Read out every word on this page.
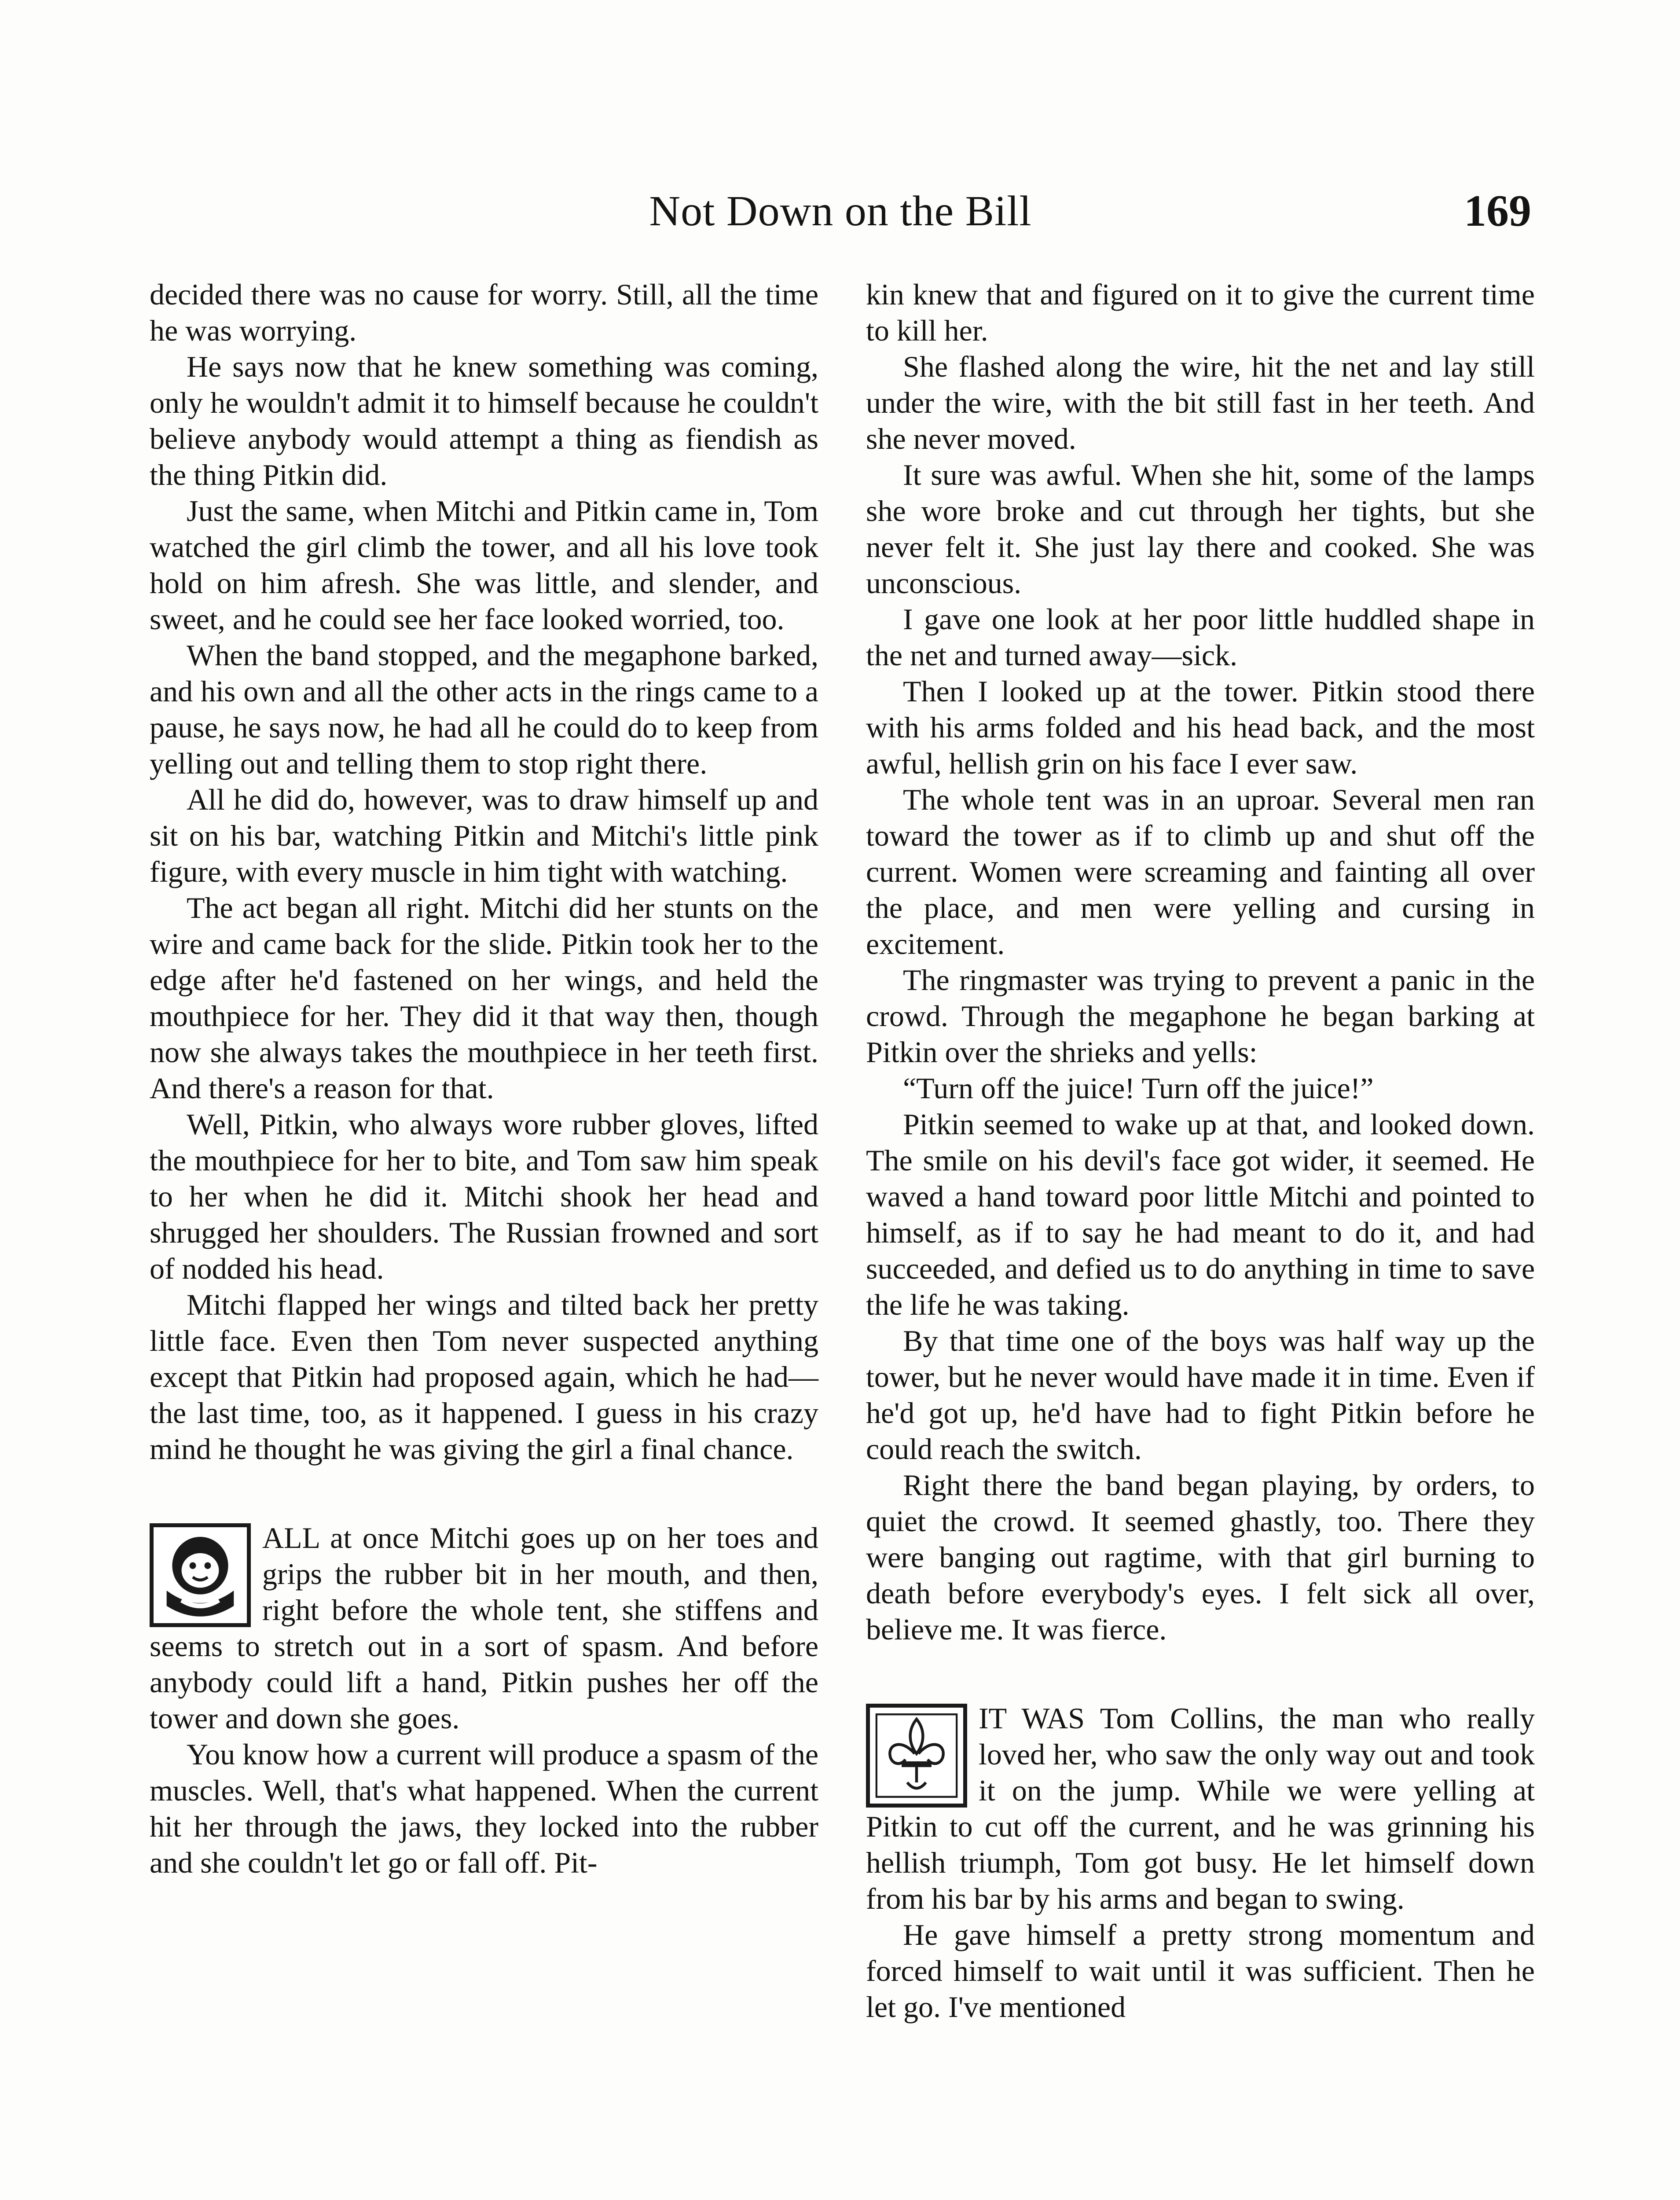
Not Down on the Bill	169

decided there was no cause for worry. Still, all the time he was worrying.

He says now that he knew something was coming, only he wouldn't admit it to himself because he couldn't believe anybody would attempt a thing as fiendish as the thing Pitkin did.

Just the same, when Mitchi and Pitkin came in, Tom watched the girl climb the tower, and all his love took hold on him afresh. She was little, and slender, and sweet, and he could see her face looked worried, too.

When the band stopped, and the megaphone barked, and his own and all the other acts in the rings came to a pause, he says now, he had all he could do to keep from yelling out and telling them to stop right there.

All he did do, however, was to draw himself up and sit on his bar, watching Pitkin and Mitchi's little pink figure, with every muscle in him tight with watching.

The act began all right. Mitchi did her stunts on the wire and came back for the slide. Pitkin took her to the edge after he'd fastened on her wings, and held the mouthpiece for her. They did it that way then, though now she always takes the mouthpiece in her teeth first. And there's a reason for that.

Well, Pitkin, who always wore rubber gloves, lifted the mouthpiece for her to bite, and Tom saw him speak to her when he did it. Mitchi shook her head and shrugged her shoulders. The Russian frowned and sort of nodded his head.

Mitchi flapped her wings and tilted back her pretty little face. Even then Tom never suspected anything except that Pitkin had proposed again, which he had—the last time, too, as it happened. I guess in his crazy mind he thought he was giving the girl a final chance.

ALL at once Mitchi goes up on her toes and grips the rubber bit in her mouth, and then, right before the whole tent, she stiffens and seems to stretch out in a sort of spasm. And before anybody could lift a hand, Pitkin pushes her off the tower and down she goes.

You know how a current will produce a spasm of the muscles. Well, that's what happened. When the current hit her through the jaws, they locked into the rubber and she couldn't let go or fall off. Pit-

kin knew that and figured on it to give the current time to kill her.

She flashed along the wire, hit the net and lay still under the wire, with the bit still fast in her teeth. And she never moved.

It sure was awful. When she hit, some of the lamps she wore broke and cut through her tights, but she never felt it. She just lay there and cooked. She was unconscious.

I gave one look at her poor little huddled shape in the net and turned away—sick.

Then I looked up at the tower. Pitkin stood there with his arms folded and his head back, and the most awful, hellish grin on his face I ever saw.

The whole tent was in an uproar. Several men ran toward the tower as if to climb up and shut off the current. Women were screaming and fainting all over the place, and men were yelling and cursing in excitement.

The ringmaster was trying to prevent a panic in the crowd. Through the megaphone he began barking at Pitkin over the shrieks and yells:

“Turn off the juice! Turn off the juice!”

Pitkin seemed to wake up at that, and looked down. The smile on his devil's face got wider, it seemed. He waved a hand toward poor little Mitchi and pointed to himself, as if to say he had meant to do it, and had succeeded, and defied us to do anything in time to save the life he was taking.

By that time one of the boys was half way up the tower, but he never would have made it in time. Even if he'd got up, he'd have had to fight Pitkin before he could reach the switch.

Right there the band began playing, by orders, to quiet the crowd. It seemed ghastly, too. There they were banging out ragtime, with that girl burning to death before everybody's eyes. I felt sick all over, believe me. It was fierce.

IT WAS Tom Collins, the man who really loved her, who saw the only way out and took it on the jump. While we were yelling at Pitkin to cut off the current, and he was grinning his hellish triumph, Tom got busy. He let himself down from his bar by his arms and began to swing.

He gave himself a pretty strong momentum and forced himself to wait until it was sufficient. Then he let go. I've mentioned
